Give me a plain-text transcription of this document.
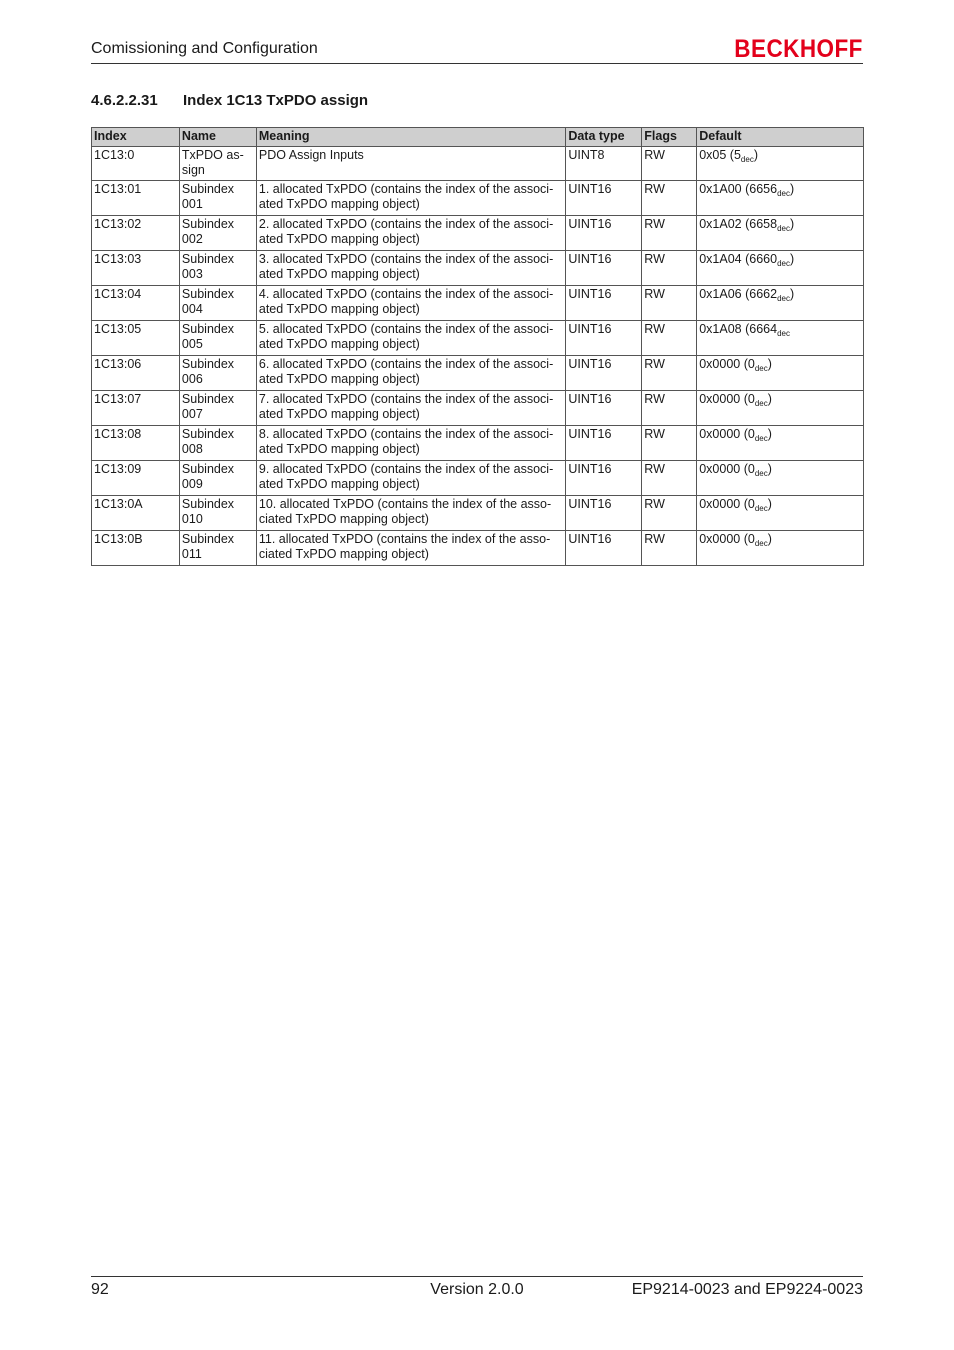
Comissioning and Configuration	BECKHOFF
4.6.2.2.31 Index 1C13 TxPDO assign
Index	Name	Meaning	Data type	Flags	Default
1C13:0	TxPDO as-sign	PDO Assign Inputs	UINT8	RW	0x05 $(5_{dec})$
1C13:01	Subindex 001	1. allocated TxPDO (contains the index of the associ-ated TxPDO mapping object)	UINT16	RW	0x1A00 $(6656_{dec})$
1C13:02	Subindex 002	2. allocated TxPDO (contains the index of the associ-ated TxPDO mapping object)	UINT16	RW	0x1A02 $(6658_{dec})$
1C13:03	Subindex 003	3. allocated TxPDO (contains the index of the associ-ated TxPDO mapping object)	UINT16	RW	0x1A04 $(6660_{dec})$
1C13:04	Subindex 004	4. allocated TxPDO (contains the index of the associ-ated TxPDO mapping object)	UINT16	RW	0x1A06 $(6662_{dec})$
1C13:05	Subindex 005	5. allocated TxPDO (contains the index of the associ-ated TxPDO mapping object)	UINT16	RW	0x1A08 ($6664_{dec}$
1C13:06	Subindex 006	6. allocated TxPDO (contains the index of the associ-ated TxPDO mapping object)	UINT16	RW	0x0000 $(0_{dec})$
1C13:07	Subindex 007	7. allocated TxPDO (contains the index of the associ-ated TxPDO mapping object)	UINT16	RW	0x0000 $(0_{dec})$
1C13:08	Subindex 008	8. allocated TxPDO (contains the index of the associ-ated TxPDO mapping object)	UINT16	RW	0x0000 $(0_{dec})$
1C13:09	Subindex 009	9. allocated TxPDO (contains the index of the associ-ated TxPDO mapping object)	UINT16	RW	0x0000 $(0_{dec})$
1C13:0A	Subindex 010	10. allocated TxPDO (contains the index of the asso-ciated TxPDO mapping object)	UINT16	RW	0x0000 $(0_{dec})$
1C13:0B	Subindex 011	11. allocated TxPDO (contains the index of the asso-ciated TxPDO mapping object)	UINT16	RW	0x0000 $(0_{dec})$
92	Version 2.0.0	EP9214-0023 and EP9224-0023
